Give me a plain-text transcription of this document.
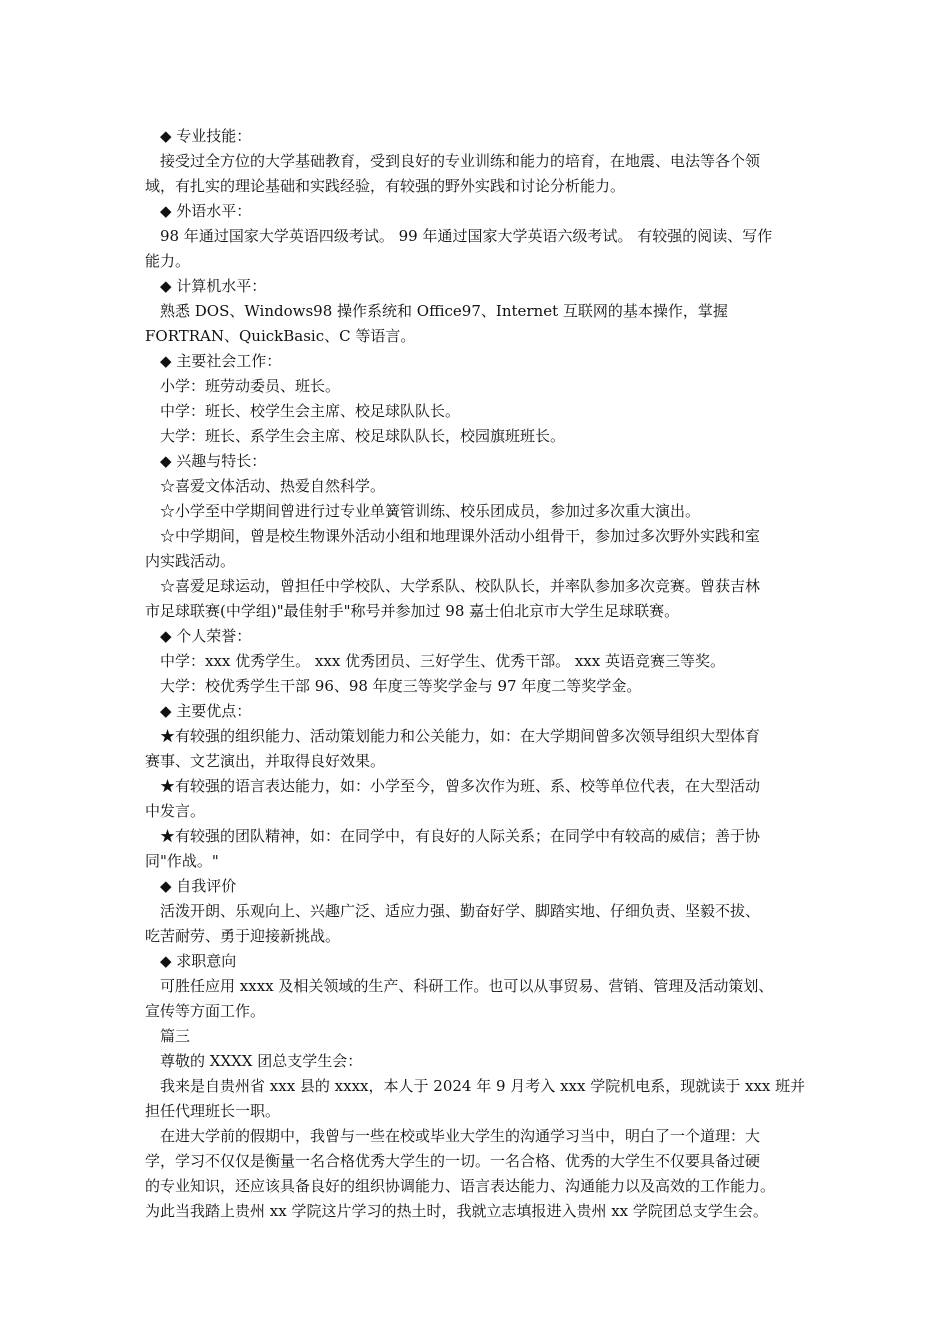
◆ 专业技能：
接受过全方位的大学基础教育，受到良好的专业训练和能力的培育，在地震、电法等各个领
域，有扎实的理论基础和实践经验，有较强的野外实践和讨论分析能力。
◆ 外语水平：
98 年通过国家大学英语四级考试。 99 年通过国家大学英语六级考试。 有较强的阅读、写作
能力。
◆ 计算机水平：
熟悉 DOS、Windows98 操作系统和 Office97、Internet 互联网的基本操作，掌握
FORTRAN、QuickBasic、C 等语言。
◆ 主要社会工作：
小学：班劳动委员、班长。
中学：班长、校学生会主席、校足球队队长。
大学：班长、系学生会主席、校足球队队长，校园旗班班长。
◆ 兴趣与特长：
☆喜爱文体活动、热爱自然科学。
☆小学至中学期间曾进行过专业单簧管训练、校乐团成员，参加过多次重大演出。
☆中学期间，曾是校生物课外活动小组和地理课外活动小组骨干，参加过多次野外实践和室
内实践活动。
☆喜爱足球运动，曾担任中学校队、大学系队、校队队长，并率队参加多次竞赛。曾获吉林
市足球联赛(中学组)"最佳射手"称号并参加过 98 嘉士伯北京市大学生足球联赛。
◆ 个人荣誉：
中学：xxx 优秀学生。 xxx 优秀团员、三好学生、优秀干部。 xxx 英语竞赛三等奖。
大学：校优秀学生干部 96、98 年度三等奖学金与 97 年度二等奖学金。
◆ 主要优点：
★有较强的组织能力、活动策划能力和公关能力，如：在大学期间曾多次领导组织大型体育
赛事、文艺演出，并取得良好效果。
★有较强的语言表达能力，如：小学至今，曾多次作为班、系、校等单位代表，在大型活动
中发言。
★有较强的团队精神，如：在同学中，有良好的人际关系；在同学中有较高的威信；善于协
同"作战。"
◆ 自我评价
活泼开朗、乐观向上、兴趣广泛、适应力强、勤奋好学、脚踏实地、仔细负责、坚毅不拔、
吃苦耐劳、勇于迎接新挑战。
◆ 求职意向
可胜任应用 xxxx 及相关领域的生产、科研工作。也可以从事贸易、营销、管理及活动策划、
宣传等方面工作。
篇三
尊敬的 XXXX 团总支学生会：
我来是自贵州省 xxx 县的 xxxx，本人于 2024 年 9 月考入 xxx 学院机电系，现就读于 xxx 班并
担任代理班长一职。
在进大学前的假期中，我曾与一些在校或毕业大学生的沟通学习当中，明白了一个道理：大
学，学习不仅仅是衡量一名合格优秀大学生的一切。一名合格、优秀的大学生不仅要具备过硬
的专业知识，还应该具备良好的组织协调能力、语言表达能力、沟通能力以及高效的工作能力。
为此当我踏上贵州 xx 学院这片学习的热土时，我就立志填报进入贵州 xx 学院团总支学生会。
